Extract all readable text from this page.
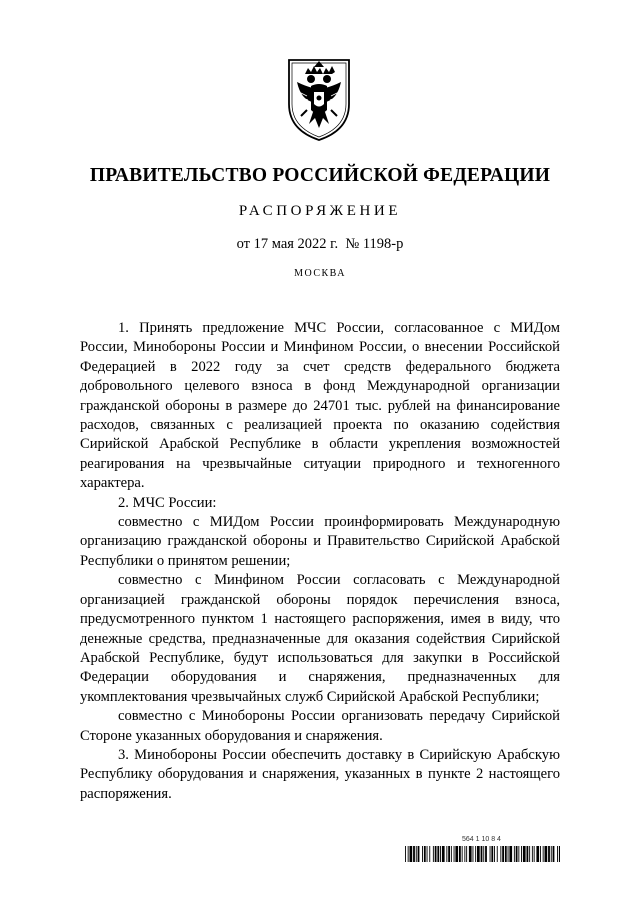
ПРАВИТЕЛЬСТВО РОССИЙСКОЙ ФЕДЕРАЦИИ
РАСПОРЯЖЕНИЕ
от 17 мая 2022 г. № 1198-р
МОСКВА

1. Принять предложение МЧС России, согласованное с МИДом России, Минобороны России и Минфином России, о внесении Российской Федерацией в 2022 году за счет средств федерального бюджета добровольного целевого взноса в фонд Международной организации гражданской обороны в размере до 24701 тыс. рублей на финансирование расходов, связанных с реализацией проекта по оказанию содействия Сирийской Арабской Республике в области укрепления возможностей реагирования на чрезвычайные ситуации природного и техногенного характера.

2. МЧС России:

совместно с МИДом России проинформировать Международную организацию гражданской обороны и Правительство Сирийской Арабской Республики о принятом решении;

совместно с Минфином России согласовать с Международной организацией гражданской обороны порядок перечисления взноса, предусмотренного пунктом 1 настоящего распоряжения, имея в виду, что денежные средства, предназначенные для оказания содействия Сирийской Арабской Республике, будут использоваться для закупки в Российской Федерации оборудования и снаряжения, предназначенных для укомплектования чрезвычайных служб Сирийской Арабской Республики;

совместно с Минобороны России организовать передачу Сирийской Стороне указанных оборудования и снаряжения.

3. Минобороны России обеспечить доставку в Сирийскую Арабскую Республику оборудования и снаряжения, указанных в пункте 2 настоящего распоряжения.

564 1 10 8 4
